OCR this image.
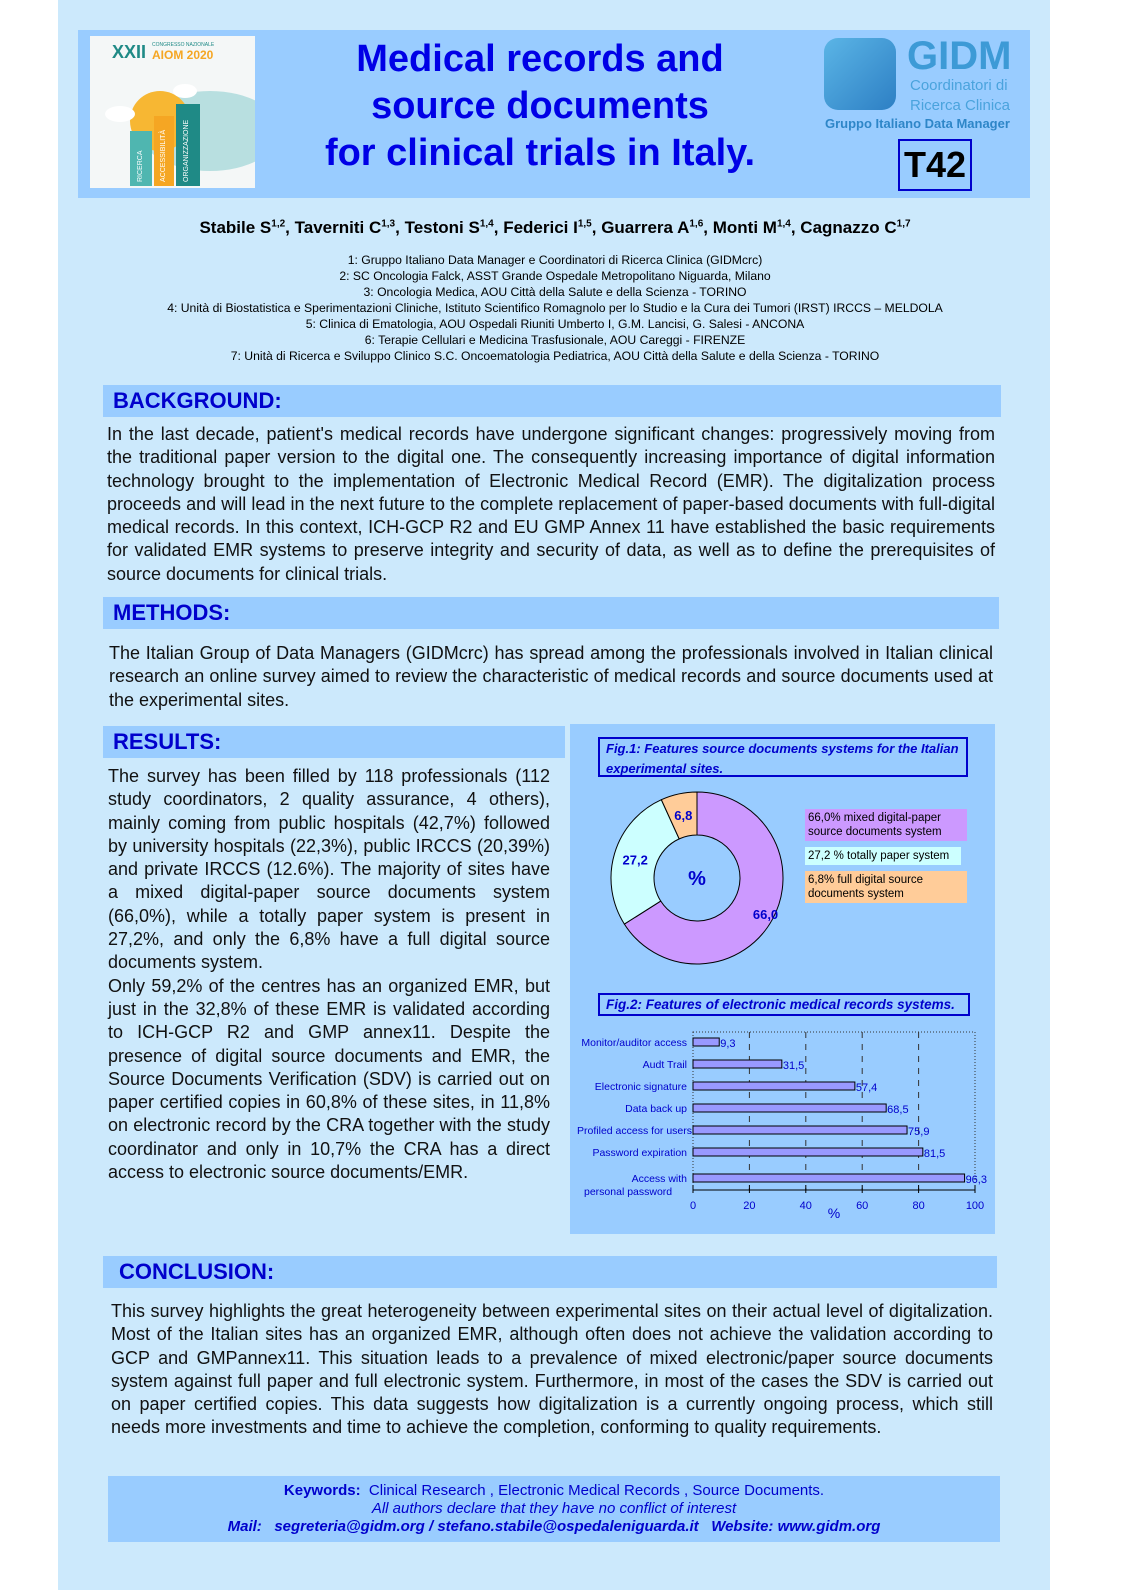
XXII CONGRESSO NAZIONALE
AIOM 2020
RICERCA ACCESSIBILITÀ ORGANIZZAZIONE
Medical records and
source documents
for clinical trials in Italy.
GIDM
Coordinatori di
Ricerca Clinica
Gruppo Italiano Data Manager
T42
Stabile S$^{1,2}$, Taverniti C$^{1,3}$, Testoni S$^{1,4}$, Federici I$^{1,5}$, Guarrera A$^{1,6}$, Monti M$^{1,4}$, Cagnazzo C$^{1,7}$
1: Gruppo Italiano Data Manager e Coordinatori di Ricerca Clinica (GIDMcrc)
2: SC Oncologia Falck, ASST Grande Ospedale Metropolitano Niguarda, Milano
3: Oncologia Medica, AOU Città della Salute e della Scienza - TORINO
4: Unità di Biostatistica e Sperimentazioni Cliniche, Istituto Scientifico Romagnolo per lo Studio e la Cura dei Tumori (IRST) IRCCS – MELDOLA
5: Clinica di Ematologia, AOU Ospedali Riuniti Umberto I, G.M. Lancisi, G. Salesi - ANCONA
6: Terapie Cellulari e Medicina Trasfusionale, AOU Careggi - FIRENZE
7: Unità di Ricerca e Sviluppo Clinico S.C. Oncoematologia Pediatrica, AOU Città della Salute e della Scienza - TORINO
BACKGROUND:
In the last decade, patient's medical records have undergone significant changes: progressively moving from the traditional paper version to the digital one. The consequently increasing importance of digital information technology brought to the implementation of Electronic Medical Record (EMR). The digitalization process proceeds and will lead in the next future to the complete replacement of paper-based documents with full-digital medical records. In this context, ICH-GCP R2 and EU GMP Annex 11 have established the basic requirements for validated EMR systems to preserve integrity and security of data, as well as to define the prerequisites of source documents for clinical trials.
METHODS:
The Italian Group of Data Managers (GIDMcrc) has spread among the professionals involved in Italian clinical research an online survey aimed to review the characteristic of medical records and source documents used at the experimental sites.
RESULTS:
The survey has been filled by 118 professionals (112 study coordinators, 2 quality assurance, 4 others), mainly coming from public hospitals (42,7%) followed by university hospitals (22,3%), public IRCCS (20,39%) and private IRCCS (12.6%). The majority of sites have a mixed digital-paper source documents system (66,0%), while a totally paper system is present in 27,2%, and only the 6,8% have a full digital source documents system.
Only 59,2% of the centres has an organized EMR, but just in the 32,8% of these EMR is validated according to ICH-GCP R2 and GMP annex11. Despite the presence of digital source documents and EMR, the Source Documents Verification (SDV) is carried out on paper certified copies in 60,8% of these sites, in 11,8% on electronic record by the CRA together with the study coordinator and only in 10,7% the CRA has a direct access to electronic source documents/EMR.
Fig.1: Features source documents systems for the Italian experimental sites.
66,0
27,2
6,8
%
66,0% mixed digital-paper source documents system
27,2 % totally paper system
6,8% full digital source documents system
Fig.2: Features of electronic medical records systems.
0	20	40	60	80	100
%
9,3
Monitor/auditor access
31,5
Audt Trail
57,4
Electronic signature
68,5
Data back up
75,9
Profiled access for users
81,5
Password expiration
96,3
Access with
personal password
CONCLUSION:
This survey highlights the great heterogeneity between experimental sites on their actual level of digitalization. Most of the Italian sites has an organized EMR, although often does not achieve the validation according to GCP and GMPannex11. This situation leads to a prevalence of mixed electronic/paper source documents system against full paper and full electronic system. Furthermore, in most of the cases the SDV is carried out on paper certified copies. This data suggests how digitalization is a currently ongoing process, which still needs more investments and time to achieve the completion, conforming to quality requirements.
Keywords: Clinical Research , Electronic Medical Records , Source Documents.
All authors declare that they have no conflict of interest
Mail: segreteria@gidm.org / stefano.stabile@ospedaleniguarda.it Website: www.gidm.org
